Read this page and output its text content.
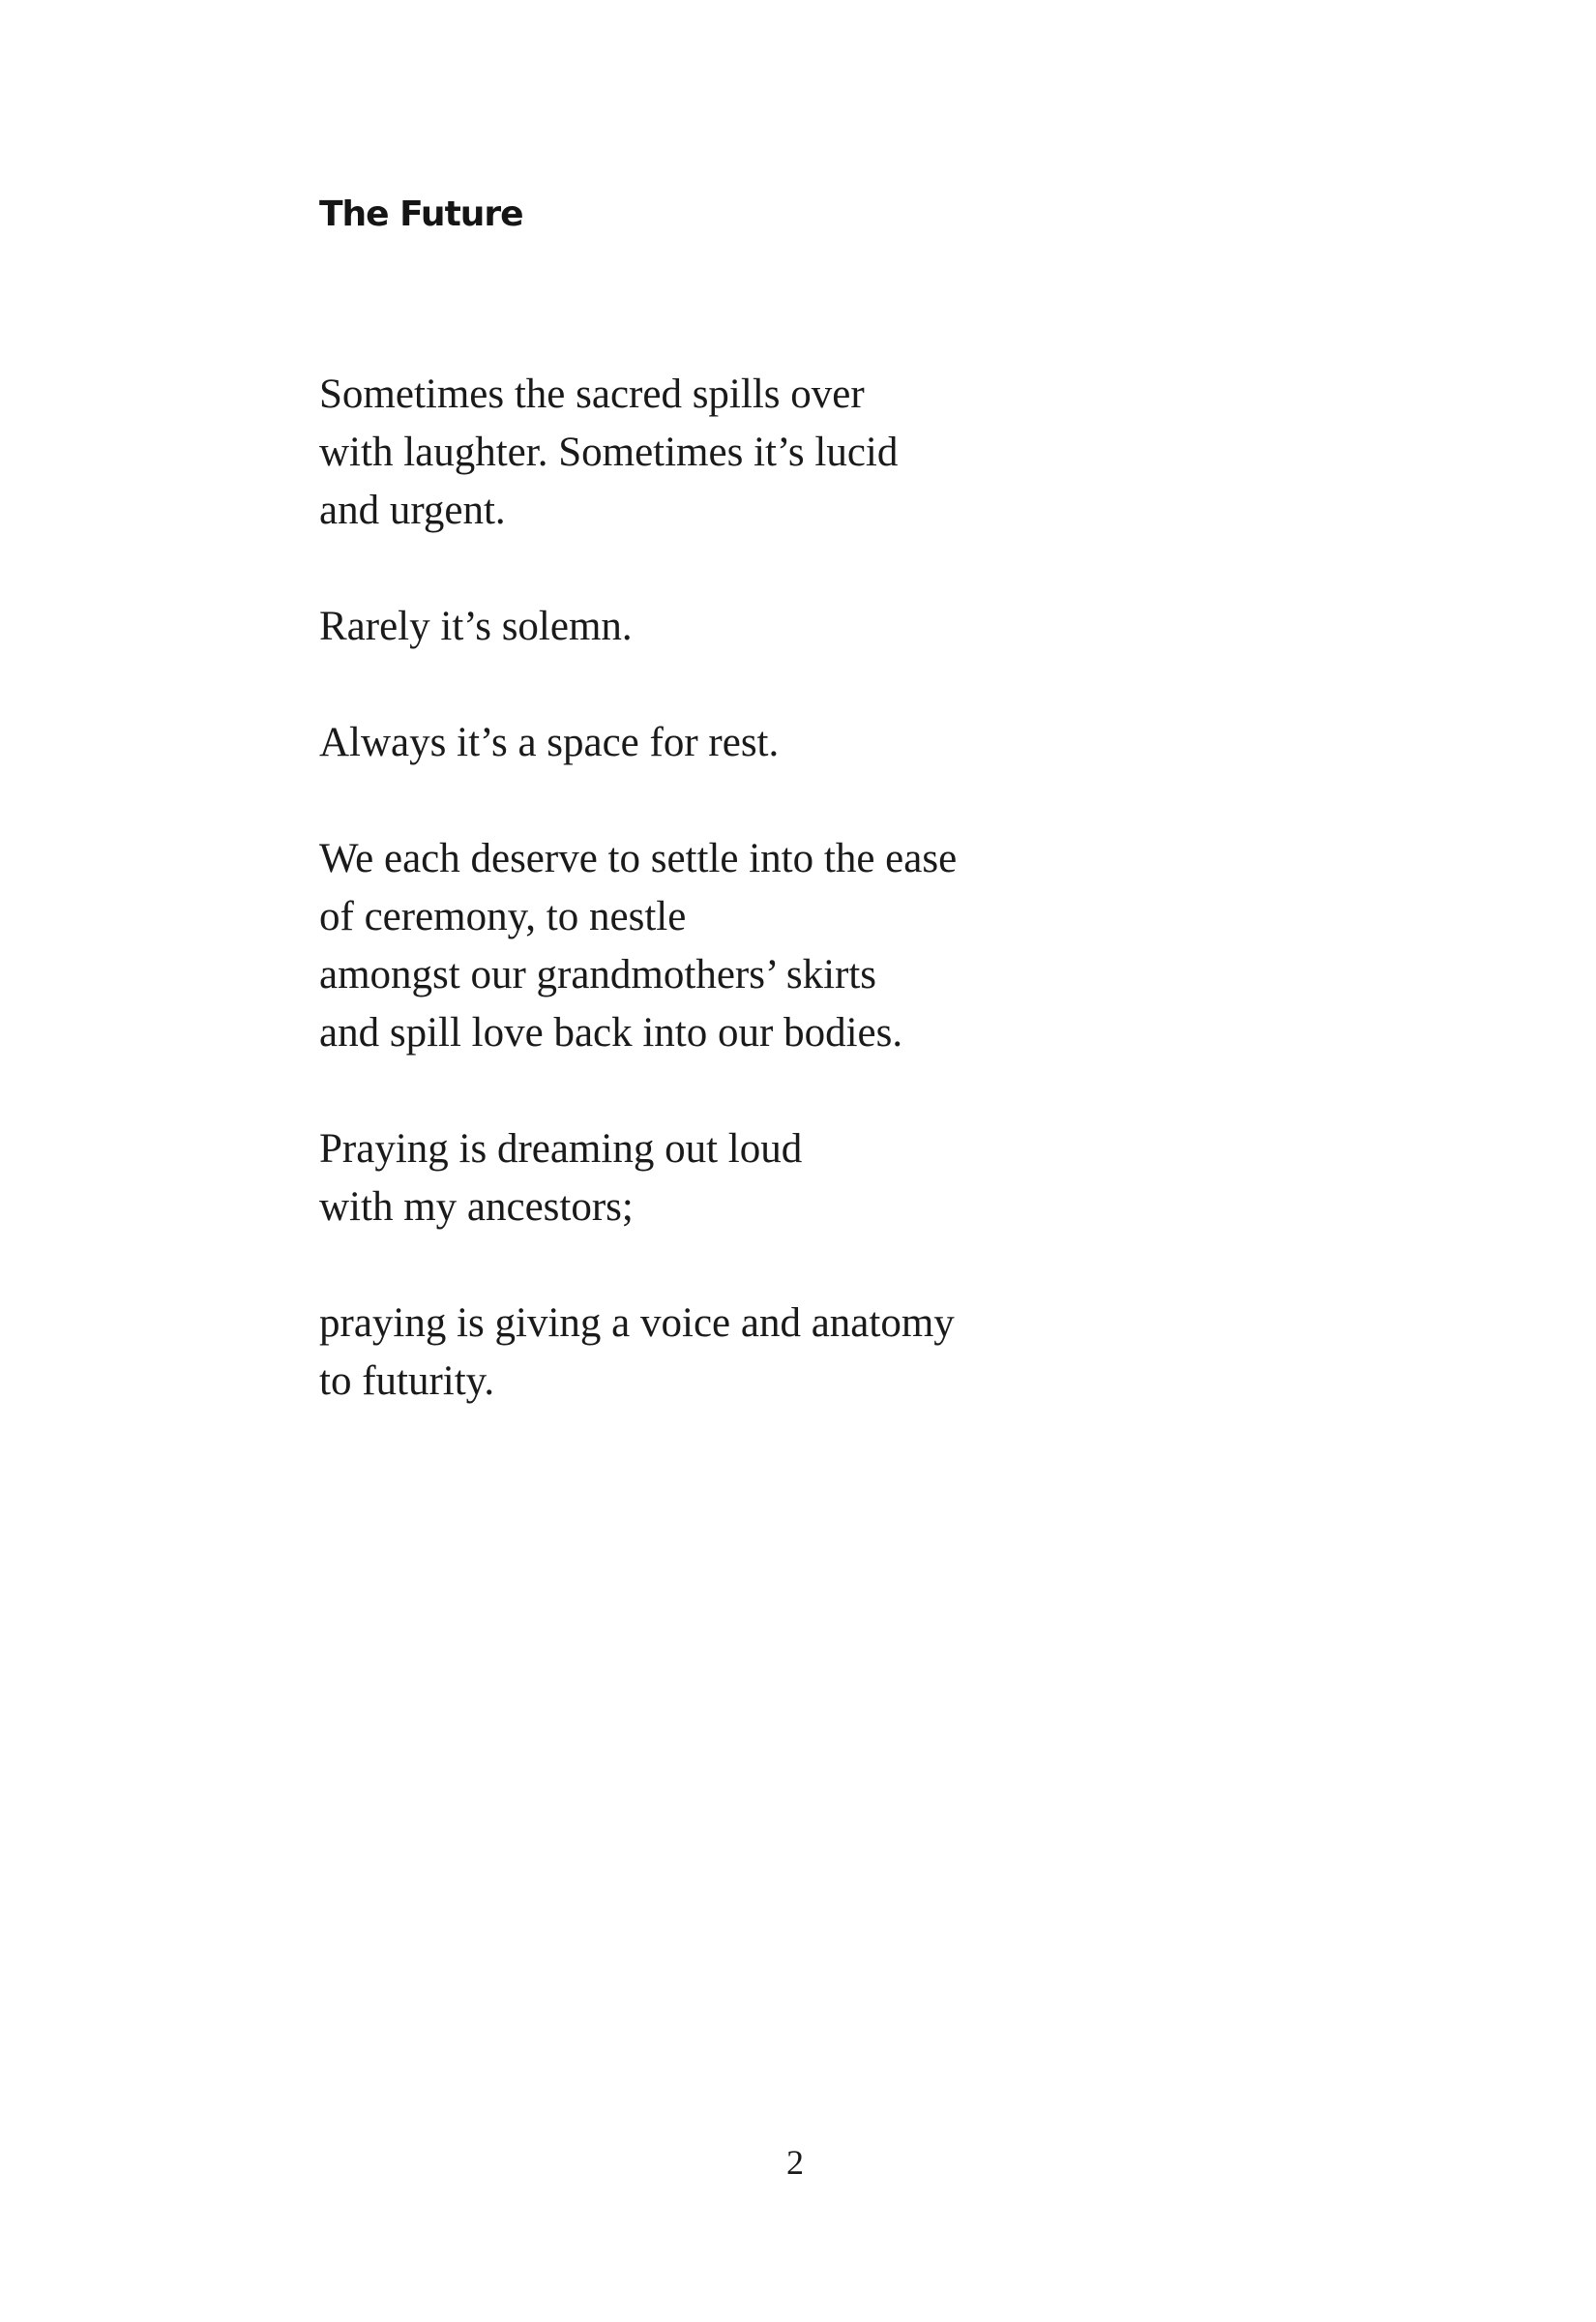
The Future

Sometimes the sacred spills over
with laughter. Sometimes it’s lucid
and urgent.

Rarely it’s solemn.

Always it’s a space for rest.

We each deserve to settle into the ease
of ceremony, to nestle
amongst our grandmothers’ skirts
and spill love back into our bodies.

Praying is dreaming out loud
with my ancestors;

praying is giving a voice and anatomy
to futurity.

2
